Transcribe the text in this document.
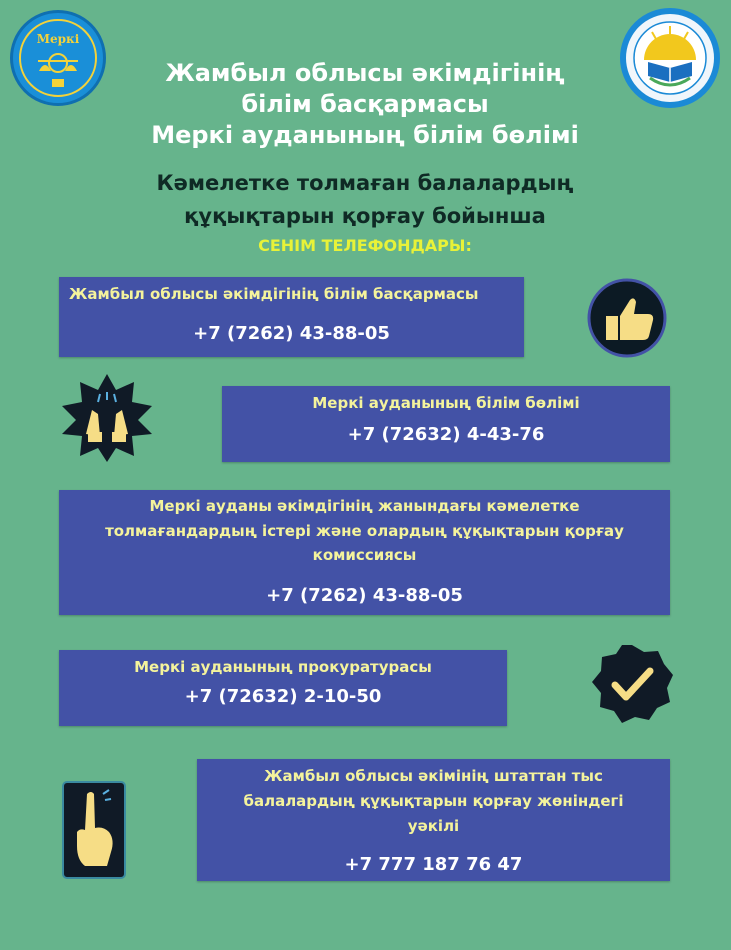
Меркі
Жамбыл облысы әкімдігінің
білім басқармасы
Меркі ауданының білім бөлімі
Кәмелетке толмаған балалардың
құқықтарын қорғау бойынша
СЕНІМ ТЕЛЕФОНДАРЫ:
Жамбыл облысы әкімдігінің білім басқармасы
+7 (7262) 43-88-05
Меркі ауданының білім бөлімі
+7 (72632) 4-43-76
Меркі ауданы әкімдігінің жанындағы кәмелетке
толмағандардың істері және олардың құқықтарын қорғау
комиссиясы
+7 (7262) 43-88-05
Меркі ауданының прокуратурасы
+7 (72632) 2-10-50
Жамбыл облысы әкімінің штаттан тыс
балалардың құқықтарын қорғау жөніндегі
уәкілі
+7 777 187 76 47
